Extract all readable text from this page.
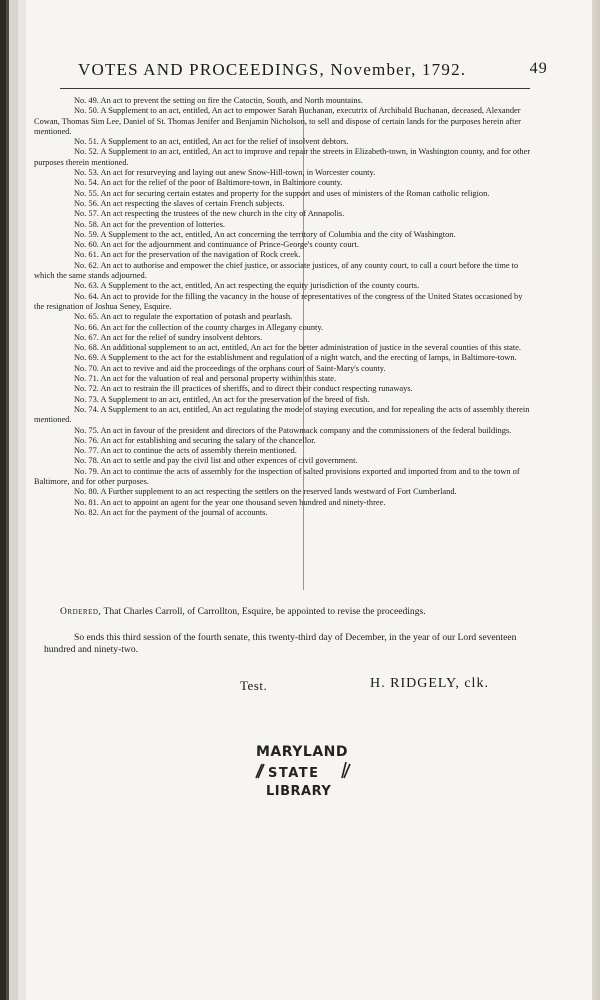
VOTES AND PROCEEDINGS, November, 1792.	49

No. 49. An act to prevent the setting on fire the Catoctin, South, and North mountains.

No. 50. A Supplement to an act, entitled, An act to empower Sarah Buchanan, executrix of Archibald Buchanan, deceased, Alexander Cowan, Thomas Sim Lee, Daniel of St. Thomas Jenifer and Benjamin Nicholson, to sell and dispose of certain lands for the purposes herein after mentioned.

No. 51. A Supplement to an act, entitled, An act for the relief of insolvent debtors.

No. 52. A Supplement to an act, entitled, An act to improve and repair the streets in Elizabeth-town, in Washington county, and for other purposes therein mentioned.

No. 53. An act for resurveying and laying out anew Snow-Hill-town, in Worcester county.

No. 54. An act for the relief of the poor of Baltimore-town, in Baltimore county.

No. 55. An act for securing certain estates and property for the support and uses of ministers of the Roman catholic religion.

No. 56. An act respecting the slaves of certain French subjects.

No. 57. An act respecting the trustees of the new church in the city of Annapolis.

No. 58. An act for the prevention of lotteries.

No. 59. A Supplement to the act, entitled, An act concerning the territory of Columbia and the city of Washington.

No. 60. An act for the adjournment and continuance of Prince-George's county court.

No. 61. An act for the preservation of the navigation of Rock creek.

No. 62. An act to authorise and empower the chief justice, or associate justices, of any county court, to call a court before the time to which the same stands adjourned.

No. 63. A Supplement to the act, entitled, An act respecting the equity jurisdiction of the county courts.

No. 64. An act to provide for the filling the vacancy in the house of representatives of the congress of the United States occasioned by the resignation of Joshua Seney, Esquire.

No. 65. An act to regulate the exportation of potash and pearlash.

No. 66. An act for the collection of the county charges in Allegany county.

No. 67. An act for the relief of sundry insolvent debtors.

No. 68. An additional supplement to an act, entitled, An act for the better administration of justice in the several counties of this state.

No. 69. A Supplement to the act for the establishment and regulation of a night watch, and the erecting of lamps, in Baltimore-town.

No. 70. An act to revive and aid the proceedings of the orphans court of Saint-Mary's county.

No. 71. An act for the valuation of real and personal property within this state.

No. 72. An act to restrain the ill practices of sheriffs, and to direct their conduct respecting runaways.

No. 73. A Supplement to an act, entitled, An act for the preservation of the breed of fish.

No. 74. A Supplement to an act, entitled, An act regulating the mode of staying execution, and for repealing the acts of assembly therein mentioned.

No. 75. An act in favour of the president and directors of the Patowmack company and the commissioners of the federal buildings.

No. 76. An act for establishing and securing the salary of the chancellor.

No. 77. An act to continue the acts of assembly therein mentioned.

No. 78. An act to settle and pay the civil list and other expences of civil government.

No. 79. An act to continue the acts of assembly for the inspection of salted provisions exported and imported from and to the town of Baltimore, and for other purposes.

No. 80. A Further supplement to an act respecting the settlers on the reserved lands westward of Fort Cumberland.

No. 81. An act to appoint an agent for the year one thousand seven hundred and ninety-three.

No. 82. An act for the payment of the journal of accounts.

Ordered, That Charles Carroll, of Carrollton, Esquire, be appointed to revise the proceedings.
So ends this third session of the fourth senate, this twenty-third day of December, in the year of our Lord seventeen hundred and ninety-two.
Test.	H. RIDGELY, clk.
MARYLAND
STATE
LIBRARY
